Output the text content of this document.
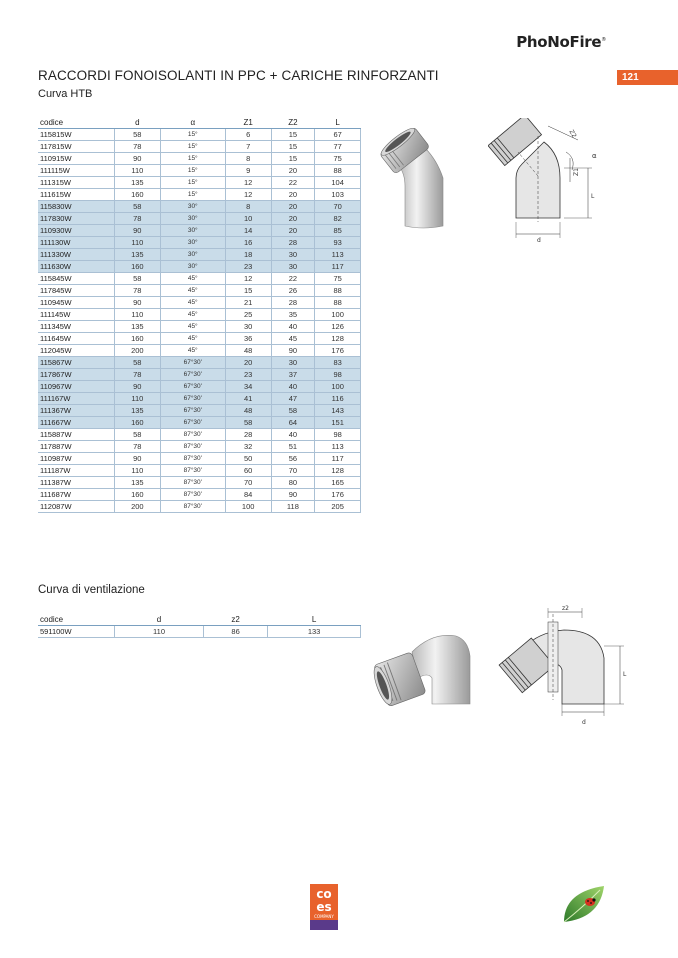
PhoNoFire®
RACCORDI FONOISOLANTI IN PPC + CARICHE RINFORZANTI	121
Curva HTB
codice	d	α	Z1	Z2	L
115815W	58	15°	6	15	67
117815W	78	15°	7	15	77
110915W	90	15°	8	15	75
111115W	110	15°	9	20	88
111315W	135	15°	12	22	104
111615W	160	15°	12	20	103
115830W	58	30°	8	20	70
117830W	78	30°	10	20	82
110930W	90	30°	14	20	85
111130W	110	30°	16	28	93
111330W	135	30°	18	30	113
111630W	160	30°	23	30	117
115845W	58	45°	12	22	75
117845W	78	45°	15	26	88
110945W	90	45°	21	28	88
111145W	110	45°	25	35	100
111345W	135	45°	30	40	126
111645W	160	45°	36	45	128
112045W	200	45°	48	90	176
115867W	58	67°30'	20	30	83
117867W	78	67°30'	23	37	98
110967W	90	67°30'	34	40	100
111167W	110	67°30'	41	47	116
111367W	135	67°30'	48	58	143
111667W	160	67°30'	58	64	151
115887W	58	87°30'	28	40	98
117887W	78	87°30'	32	51	113
110987W	90	87°30'	50	56	117
111187W	110	87°30'	60	70	128
111387W	135	87°30'	70	80	165
111687W	160	87°30'	84	90	176
112087W	200	87°30'	100	118	205
Z2
α
Z1
L
d
Curva di ventilazione
codice	d	z2	L
591100W	110	86	133
z2
L
d
co
es
COMPANY
